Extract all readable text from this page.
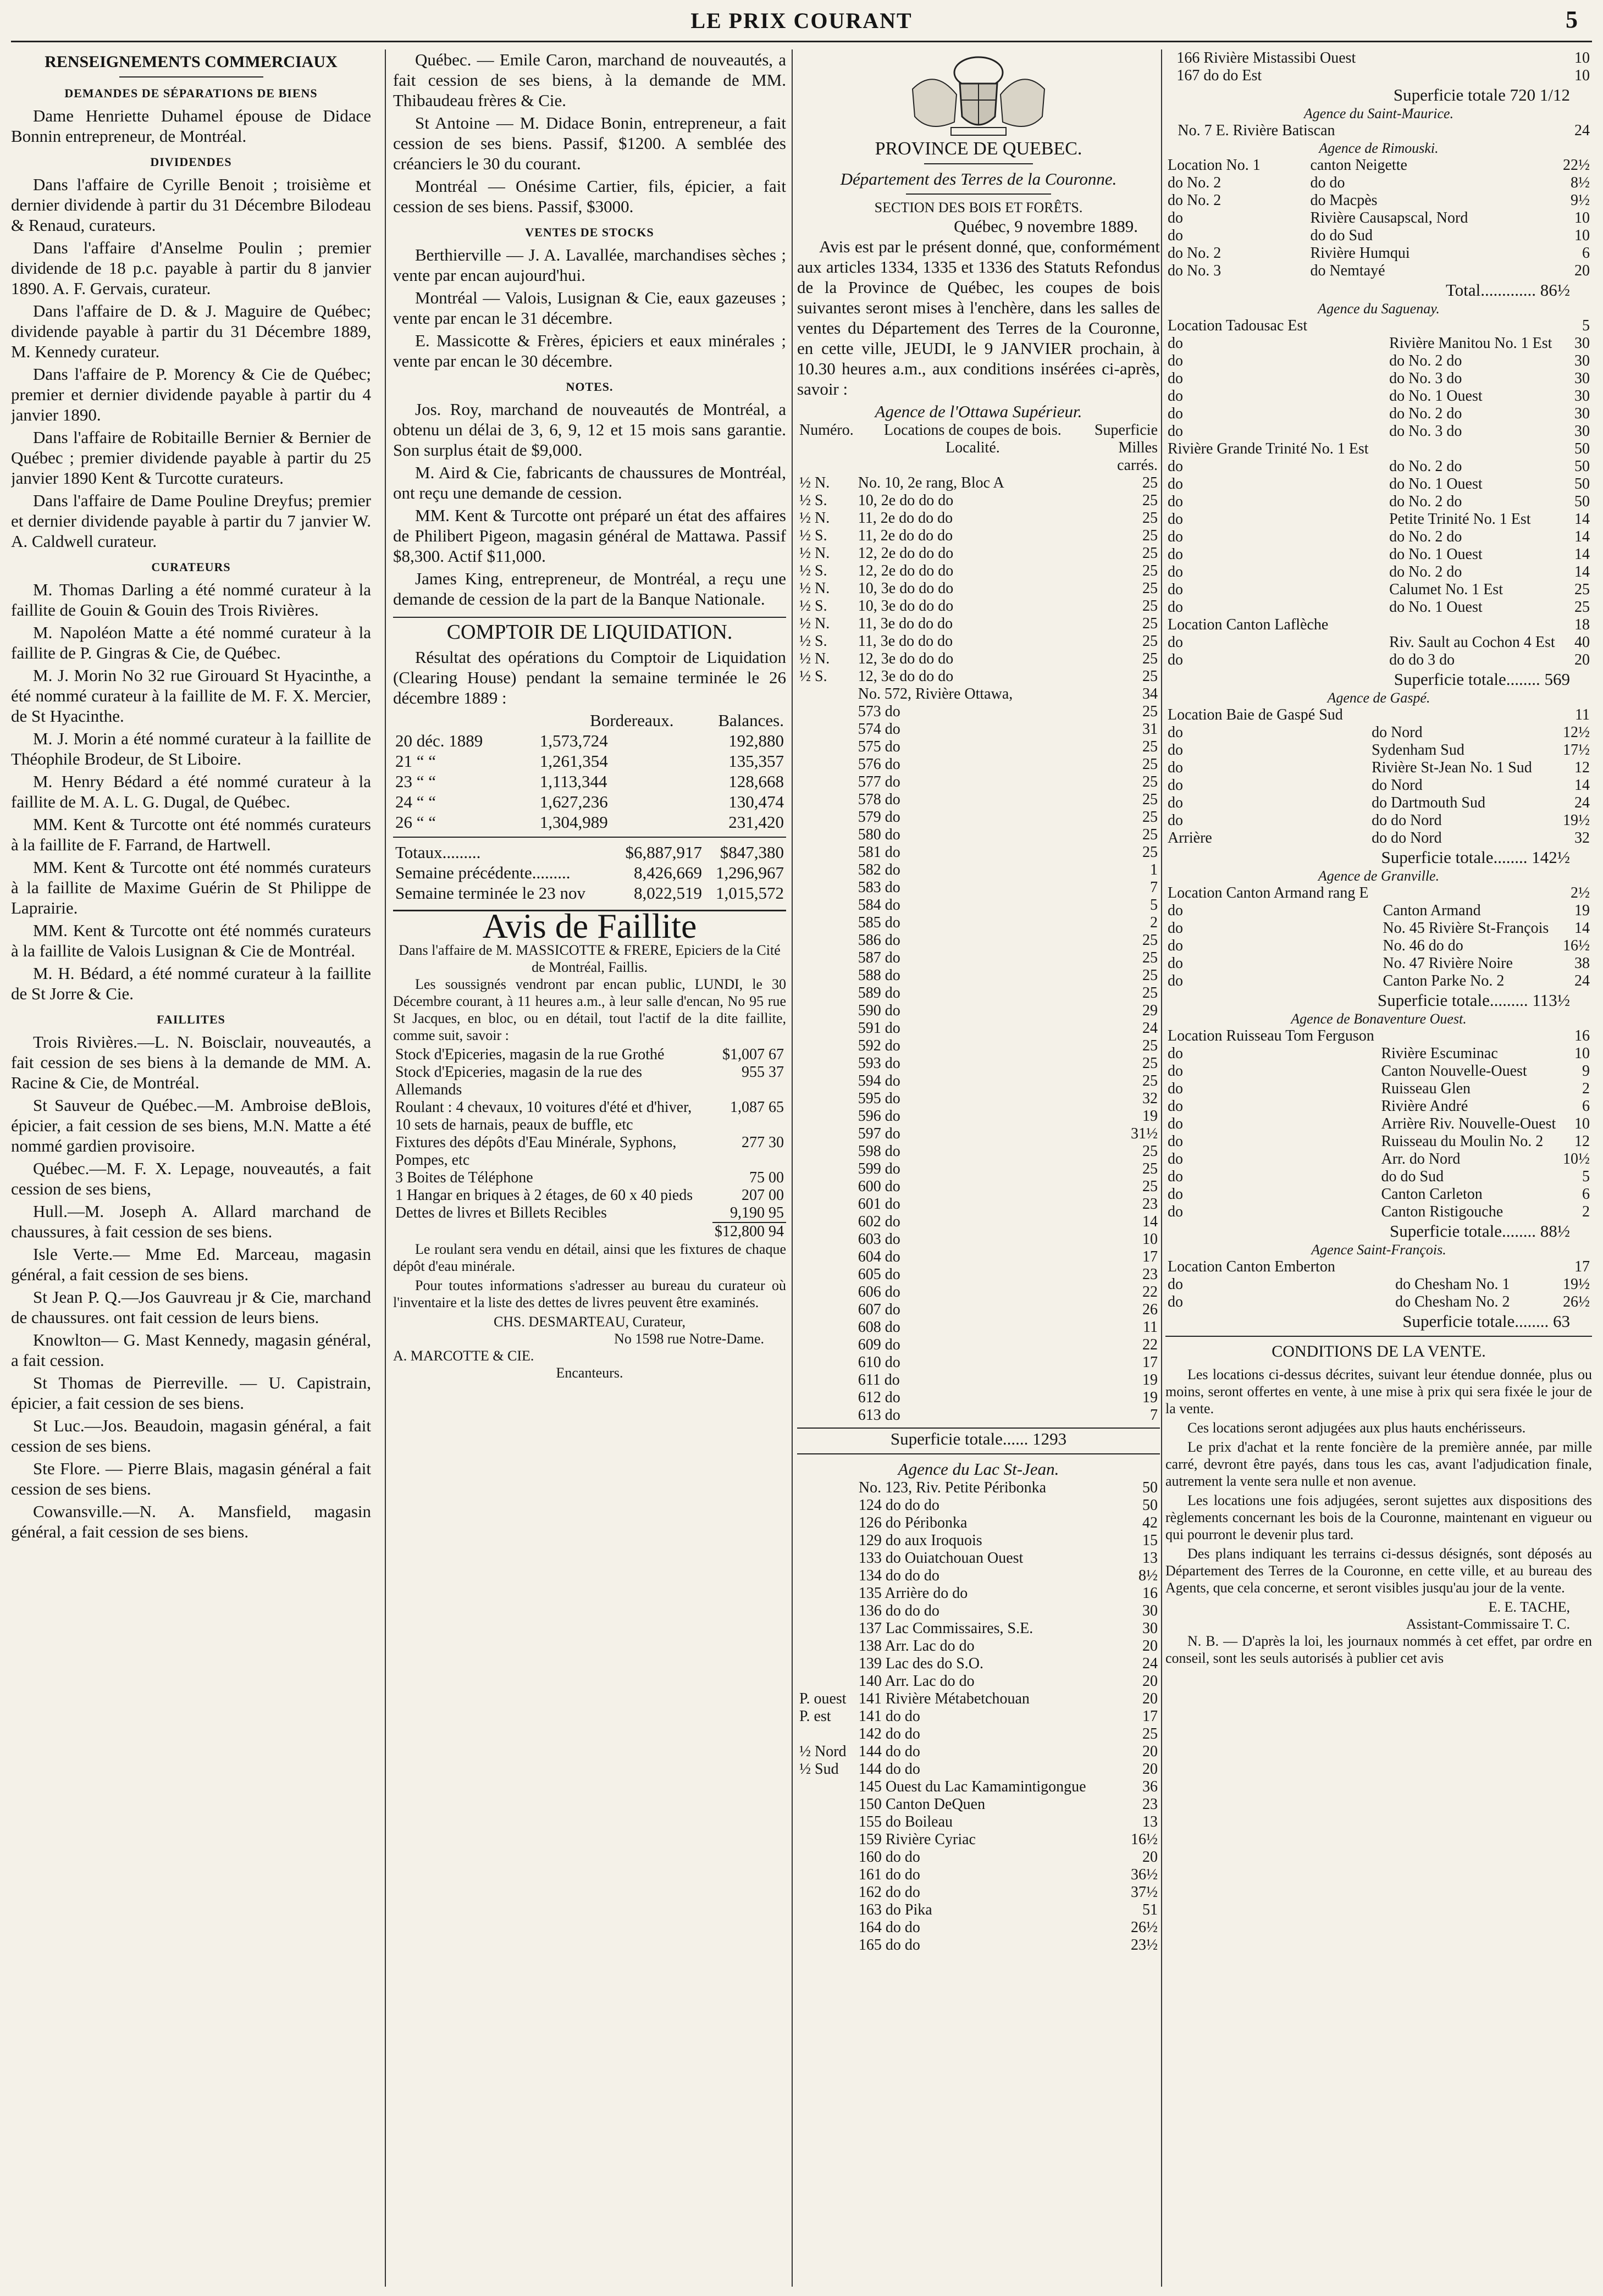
LE PRIX COURANT	5
RENSEIGNEMENTS COMMERCIAUX
DEMANDES DE SÉPARATIONS DE BIENS
Dame Henriette Duhamel épouse de Didace Bonnin entrepreneur, de Montréal.
DIVIDENDES
Dans l'affaire de Cyrille Benoit ; troisième et dernier dividende à partir du 31 Décembre Bilodeau & Renaud, curateurs.
Dans l'affaire d'Anselme Poulin ; premier dividende de 18 p.c. payable à partir du 8 janvier 1890. A. F. Gervais, curateur.
Dans l'affaire de D. & J. Maguire de Québec; dividende payable à partir du 31 Décembre 1889, M. Kennedy curateur.
Dans l'affaire de P. Morency & Cie de Québec; premier et dernier dividende payable à partir du 4 janvier 1890.
Dans l'affaire de Robitaille Bernier & Bernier de Québec ; premier dividende payable à partir du 25 janvier 1890 Kent & Turcotte curateurs.
Dans l'affaire de Dame Pouline Dreyfus; premier et dernier dividende payable à partir du 7 janvier W. A. Caldwell curateur.
CURATEURS
M. Thomas Darling a été nommé curateur à la faillite de Gouin & Gouin des Trois Rivières.
M. Napoléon Matte a été nommé curateur à la faillite de P. Gingras & Cie, de Québec.
M. J. Morin No 32 rue Girouard St Hyacinthe, a été nommé curateur à la faillite de M. F. X. Mercier, de St Hyacinthe.
M. J. Morin a été nommé curateur à la faillite de Théophile Brodeur, de St Liboire.
M. Henry Bédard a été nommé curateur à la faillite de M. A. L. G. Dugal, de Québec.
MM. Kent & Turcotte ont été nommés curateurs à la faillite de F. Farrand, de Hartwell.
MM. Kent & Turcotte ont été nommés curateurs à la faillite de Maxime Guérin de St Philippe de Laprairie.
MM. Kent & Turcotte ont été nommés curateurs à la faillite de Valois Lusignan & Cie de Montréal.
M. H. Bédard, a été nommé curateur à la faillite de St Jorre & Cie.
FAILLITES
Trois Rivières.—L. N. Boisclair, nouveautés, a fait cession de ses biens à la demande de MM. A. Racine & Cie, de Montréal.
St Sauveur de Québec.—M. Ambroise deBlois, épicier, a fait cession de ses biens, M.N. Matte a été nommé gardien provisoire.
Québec.—M. F. X. Lepage, nouveautés, a fait cession de ses biens,
Hull.—M. Joseph A. Allard marchand de chaussures, à fait cession de ses biens.
Isle Verte.— Mme Ed. Marceau, magasin général, a fait cession de ses biens.
St Jean P. Q.—Jos Gauvreau jr & Cie, marchand de chaussures. ont fait cession de leurs biens.
Knowlton— G. Mast Kennedy, magasin général, a fait cession.
St Thomas de Pierreville. — U. Capistrain, épicier, a fait cession de ses biens.
St Luc.—Jos. Beaudoin, magasin général, a fait cession de ses biens.
Ste Flore. — Pierre Blais, magasin général a fait cession de ses biens.
Cowansville.—N. A. Mansfield, magasin général, a fait cession de ses biens.
Québec. — Emile Caron, marchand de nouveautés, a fait cession de ses biens, à la demande de MM. Thibaudeau frères & Cie.
St Antoine — M. Didace Bonin, entrepreneur, a fait cession de ses biens. Passif, $1200. A semblée des créanciers le 30 du courant.
Montréal — Onésime Cartier, fils, épicier, a fait cession de ses biens. Passif, $3000.
VENTES DE STOCKS
Berthierville — J. A. Lavallée, marchandises sèches ; vente par encan aujourd'hui.
Montréal — Valois, Lusignan & Cie, eaux gazeuses ; vente par encan le 31 décembre.
E. Massicotte & Frères, épiciers et eaux minérales ; vente par encan le 30 décembre.
NOTES.
Jos. Roy, marchand de nouveautés de Montréal, a obtenu un délai de 3, 6, 9, 12 et 15 mois sans garantie. Son surplus était de $9,000.
M. Aird & Cie, fabricants de chaussures de Montréal, ont reçu une demande de cession.
MM. Kent & Turcotte ont préparé un état des affaires de Philibert Pigeon, magasin général de Mattawa. Passif $8,300. Actif $11,000.
James King, entrepreneur, de Montréal, a reçu une demande de cession de la part de la Banque Nationale.
COMPTOIR DE LIQUIDATION.
Résultat des opérations du Comptoir de Liquidation (Clearing House) pendant la semaine terminée le 26 décembre 1889 :
	Bordereaux.	Balances.
20 déc. 1889	1,573,724	192,880
21 “ “	1,261,354	135,357
23 “ “	1,113,344	128,668
24 “ “	1,627,236	130,474
26 “ “	1,304,989	231,420
Totaux.........	$6,887,917	$847,380
Semaine précédente.........	8,426,669	1,296,967
Semaine terminée le 23 nov	8,022,519	1,015,572
Avis de Faillite
Dans l'affaire de M. MASSICOTTE & FRERE, Epiciers de la Cité de Montréal, Faillis.
Les soussignés vendront par encan public, LUNDI, le 30 Décembre courant, à 11 heures a.m., à leur salle d'encan, No 95 rue St Jacques, en bloc, ou en détail, tout l'actif de la dite faillite, comme suit, savoir :
Stock d'Epiceries, magasin de la rue Grothé	$1,007 67
Stock d'Epiceries, magasin de la rue des Allemands	955 37
Roulant : 4 chevaux, 10 voitures d'été et d'hiver, 10 sets de harnais, peaux de buffle, etc	1,087 65
Fixtures des dépôts d'Eau Minérale, Syphons, Pompes, etc	277 30
3 Boites de Téléphone	75 00
1 Hangar en briques à 2 étages, de 60 x 40 pieds	207 00
Dettes de livres et Billets Recibles	9,190 95
	$12,800 94
Le roulant sera vendu en détail, ainsi que les fixtures de chaque dépôt d'eau minérale.
Pour toutes informations s'adresser au bureau du curateur où l'inventaire et la liste des dettes de livres peuvent être examinés.
CHS. DESMARTEAU, Curateur,
No 1598 rue Notre-Dame.
A. MARCOTTE & CIE.
Encanteurs.
PROVINCE DE QUEBEC.
Département des Terres de la Couronne.
SECTION DES BOIS ET FORÊTS.
Québec, 9 novembre 1889.
Avis est par le présent donné, que, conformément aux articles 1334, 1335 et 1336 des Statuts Refondus de la Province de Québec, les coupes de bois suivantes seront mises à l'enchère, dans les salles de ventes du Département des Terres de la Couronne, en cette ville, JEUDI, le 9 JANVIER prochain, à 10.30 heures a.m., aux conditions insérées ci-après, savoir :
Agence de l'Ottawa Supérieur.
Numéro.	Locations de coupes de bois. Localité.	Superficie Milles carrés.
½ N.	No. 10, 2e rang, Bloc A	25
½ S.	10, 2e do do do	25
½ N.	11, 2e do do do	25
½ S.	11, 2e do do do	25
½ N.	12, 2e do do do	25
½ S.	12, 2e do do do	25
½ N.	10, 3e do do do	25
½ S.	10, 3e do do do	25
½ N.	11, 3e do do do	25
½ S.	11, 3e do do do	25
½ N.	12, 3e do do do	25
½ S.	12, 3e do do do	25
	No. 572, Rivière Ottawa,	34
	573 do	25
	574 do	31
	575 do	25
	576 do	25
	577 do	25
	578 do	25
	579 do	25
	580 do	25
	581 do	25
	582 do	1
	583 do	7
	584 do	5
	585 do	2
	586 do	25
	587 do	25
	588 do	25
	589 do	25
	590 do	29
	591 do	24
	592 do	25
	593 do	25
	594 do	25
	595 do	32
	596 do	19
	597 do	31½
	598 do	25
	599 do	25
	600 do	25
	601 do	23
	602 do	14
	603 do	10
	604 do	17
	605 do	23
	606 do	22
	607 do	26
	608 do	11
	609 do	22
	610 do	17
	611 do	19
	612 do	19
	613 do	7
Superficie totale...... 1293
Agence du Lac St-Jean.
	No. 123, Riv. Petite Péribonka	50
	124 do do do	50
	126 do Péribonka	42
	129 do aux Iroquois	15
	133 do Ouiatchouan Ouest	13
	134 do do do	8½
	135 Arrière do do	16
	136 do do do	30
	137 Lac Commissaires, S.E.	30
	138 Arr. Lac do do	20
	139 Lac des do S.O.	24
	140 Arr. Lac do do	20
P. ouest	141 Rivière Métabetchouan	20
P. est	141 do do	17
	142 do do	25
½ Nord	144 do do	20
½ Sud	144 do do	20
	145 Ouest du Lac Kamamintigongue	36
	150 Canton DeQuen	23
	155 do Boileau	13
	159 Rivière Cyriac	16½
	160 do do	20
	161 do do	36½
	162 do do	37½
	163 do Pika	51
	164 do do	26½
	165 do do	23½
	166 Rivière Mistassibi Ouest	10
	167 do do Est	10
Superficie totale 720 1/12
Agence du Saint-Maurice.
	No. 7 E. Rivière Batiscan	24
Agence de Rimouski.
Location No. 1	canton Neigette	22½
do No. 2	do do	8½
do No. 2	do Macpès	9½
do	Rivière Causapscal, Nord	10
do	do do Sud	10
do No. 2	Rivière Humqui	6
do No. 3	do Nemtayé	20
Total............. 86½
Agence du Saguenay.
Location Tadousac Est		5
do	Rivière Manitou No. 1 Est	30
do	do No. 2 do	30
do	do No. 3 do	30
do	do No. 1 Ouest	30
do	do No. 2 do	30
do	do No. 3 do	30
Rivière Grande Trinité No. 1 Est		50
do	do No. 2 do	50
do	do No. 1 Ouest	50
do	do No. 2 do	50
do	Petite Trinité No. 1 Est	14
do	do No. 2 do	14
do	do No. 1 Ouest	14
do	do No. 2 do	14
do	Calumet No. 1 Est	25
do	do No. 1 Ouest	25
Location Canton Laflèche		18
do	Riv. Sault au Cochon 4 Est	40
do	do do 3 do	20
Superficie totale........ 569
Agence de Gaspé.
Location Baie de Gaspé Sud		11
do	do Nord	12½
do	Sydenham Sud	17½
do	Rivière St-Jean No. 1 Sud	12
do	do Nord	14
do	do Dartmouth Sud	24
do	do do Nord	19½
Arrière	do do Nord	32
Superficie totale........ 142½
Agence de Granville.
Location Canton Armand rang E		2½
do	Canton Armand	19
do	No. 45 Rivière St-François	14
do	No. 46 do do	16½
do	No. 47 Rivière Noire	38
do	Canton Parke No. 2	24
Superficie totale......... 113½
Agence de Bonaventure Ouest.
Location Ruisseau Tom Ferguson		16
do	Rivière Escuminac	10
do	Canton Nouvelle-Ouest	9
do	Ruisseau Glen	2
do	Rivière André	6
do	Arrière Riv. Nouvelle-Ouest	10
do	Ruisseau du Moulin No. 2	12
do	Arr. do Nord	10½
do	do do Sud	5
do	Canton Carleton	6
do	Canton Ristigouche	2
Superficie totale........ 88½
Agence Saint-François.
Location Canton Emberton		17
do	do Chesham No. 1	19½
do	do Chesham No. 2	26½
Superficie totale........ 63
CONDITIONS DE LA VENTE.
Les locations ci-dessus décrites, suivant leur étendue donnée, plus ou moins, seront offertes en vente, à une mise à prix qui sera fixée le jour de la vente.
Ces locations seront adjugées aux plus hauts enchérisseurs.
Le prix d'achat et la rente foncière de la première année, par mille carré, devront être payés, dans tous les cas, avant l'adjudication finale, autrement la vente sera nulle et non avenue.
Les locations une fois adjugées, seront sujettes aux dispositions des règlements concernant les bois de la Couronne, maintenant en vigueur ou qui pourront le devenir plus tard.
Des plans indiquant les terrains ci-dessus désignés, sont déposés au Département des Terres de la Couronne, en cette ville, et au bureau des Agents, que cela concerne, et seront visibles jusqu'au jour de la vente.
E. E. TACHE,
Assistant-Commissaire T. C.
N. B. — D'après la loi, les journaux nommés à cet effet, par ordre en conseil, sont les seuls autorisés à publier cet avis
